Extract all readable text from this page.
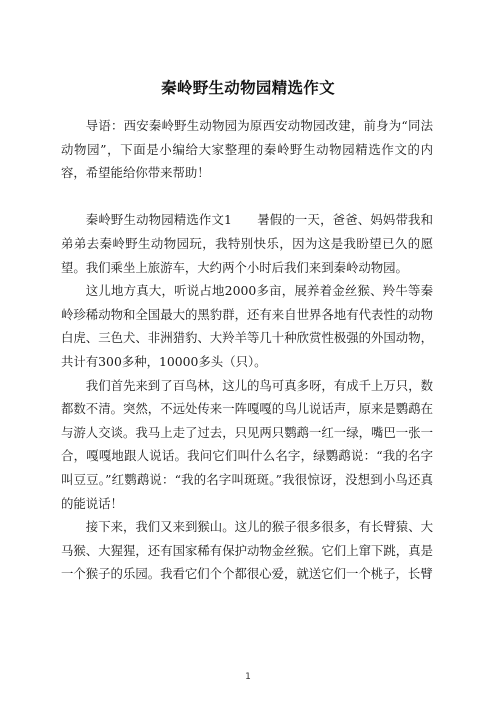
秦岭野生动物园精选作文

导语：西安秦岭野生动物园为原西安动物园改建，前身为“同法动物园”，下面是小编给大家整理的秦岭野生动物园精选作文的内容，希望能给你带来帮助！

秦岭野生动物园精选作文1　　暑假的一天，爸爸、妈妈带我和弟弟去秦岭野生动物园玩，我特别快乐，因为这是我盼望已久的愿望。我们乘坐上旅游车，大约两个小时后我们来到秦岭动物园。

这儿地方真大，听说占地2000多亩，展养着金丝猴、羚牛等秦岭珍稀动物和全国最大的黑豹群，还有来自世界各地有代表性的动物白虎、三色犬、非洲猎豹、大羚羊等几十种欣赏性极强的外国动物，共计有300多种，10000多头（只）。

我们首先来到了百鸟林，这儿的鸟可真多呀，有成千上万只，数都数不清。突然，不远处传来一阵嘎嘎的鸟儿说话声，原来是鹦鹉在与游人交谈。我马上走了过去，只见两只鹦鹉一红一绿，嘴巴一张一合，嘎嘎地跟人说话。我问它们叫什么名字，绿鹦鹉说：“我的名字叫豆豆。”红鹦鹉说：“我的名字叫斑斑。”我很惊讶，没想到小鸟还真的能说话！

接下来，我们又来到猴山。这儿的猴子很多很多，有长臂猿、大马猴、大猩猩，还有国家稀有保护动物金丝猴。它们上窜下跳，真是一个猴子的乐园。我看它们个个都很心爱，就送它们一个桃子，长臂

1
